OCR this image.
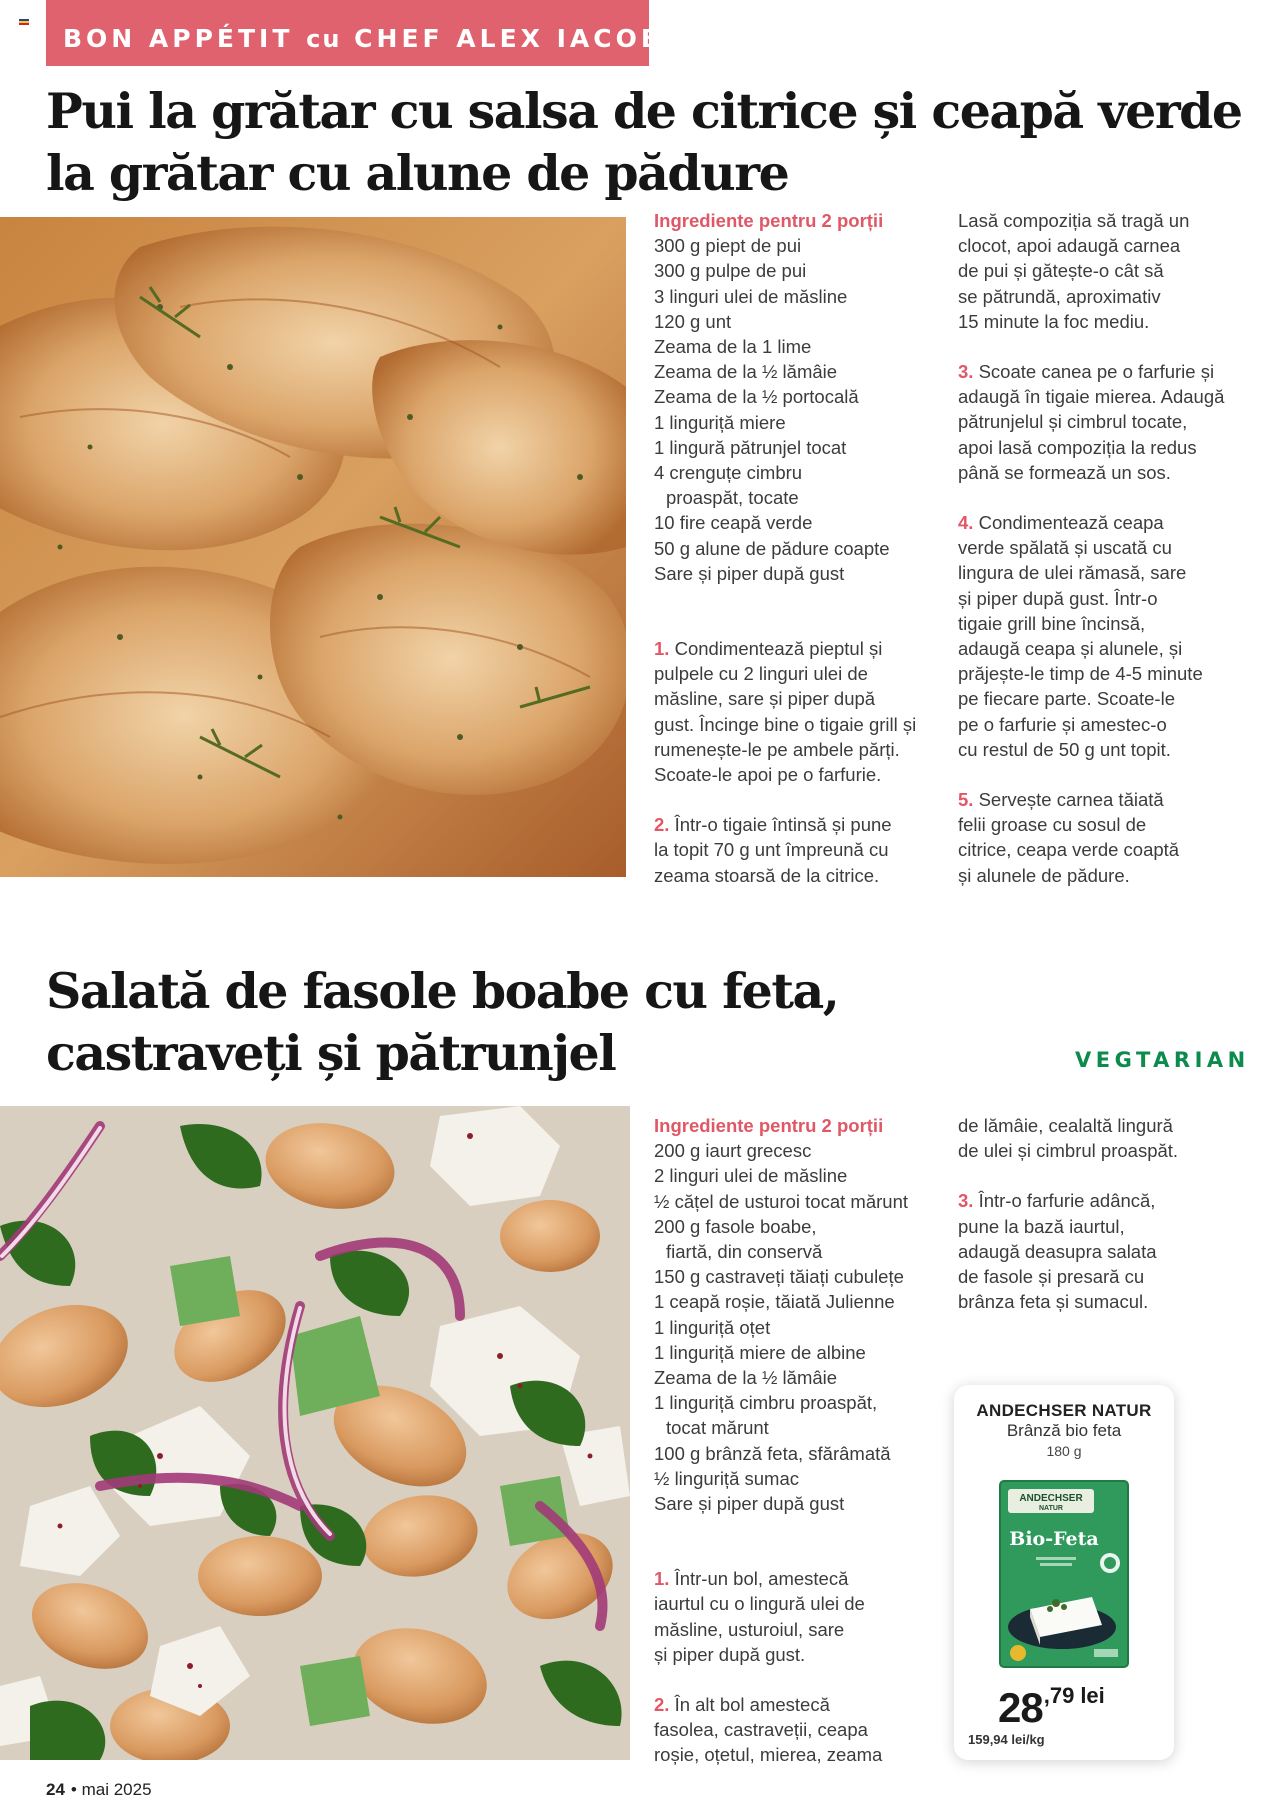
BON APPÉTIT cu CHEF ALEX IACOB
Pui la grătar cu salsa de citrice și ceapă verde
la grătar cu alune de pădure
Ingrediente pentru 2 porții
300 g piept de pui
300 g pulpe de pui
3 linguri ulei de măsline
120 g unt
Zeama de la 1 lime
Zeama de la ½ lămâie
Zeama de la ½ portocală
1 linguriță miere
1 lingură pătrunjel tocat
4 crenguțe cimbru
proaspăt, tocate
10 fire ceapă verde
50 g alune de pădure coapte
Sare și piper după gust
1. Condimentează pieptul și
pulpele cu 2 linguri ulei de
măsline, sare și piper după
gust. Încinge bine o tigaie grill și
rumenește-le pe ambele părți.
Scoate-le apoi pe o farfurie.
2. Într-o tigaie întinsă și pune
la topit 70 g unt împreună cu
zeama stoarsă de la citrice.
Lasă compoziția să tragă un
clocot, apoi adaugă carnea
de pui și gătește-o cât să
se pătrundă, aproximativ
15 minute la foc mediu.
3. Scoate canea pe o farfurie și
adaugă în tigaie mierea. Adaugă
pătrunjelul și cimbrul tocate,
apoi lasă compoziția la redus
până se formează un sos.
4. Condimentează ceapa
verde spălată și uscată cu
lingura de ulei rămasă, sare
și piper după gust. Într-o
tigaie grill bine încinsă,
adaugă ceapa și alunele, și
prăjește-le timp de 4-5 minute
pe fiecare parte. Scoate-le
pe o farfurie și amestec-o
cu restul de 50 g unt topit.
5. Servește carnea tăiată
felii groase cu sosul de
citrice, ceapa verde coaptă
și alunele de pădure.
Salată de fasole boabe cu feta,
castraveți și pătrunjel	VEGTARIAN
Ingrediente pentru 2 porții
200 g iaurt grecesc
2 linguri ulei de măsline
½ cățel de usturoi tocat mărunt
200 g fasole boabe,
fiartă, din conservă
150 g castraveți tăiați cubulețe
1 ceapă roșie, tăiată Julienne
1 linguriță oțet
1 linguriță miere de albine
Zeama de la ½ lămâie
1 linguriță cimbru proaspăt,
tocat mărunt
100 g brânză feta, sfărâmată
½ linguriță sumac
Sare și piper după gust
1. Într-un bol, amestecă
iaurtul cu o lingură ulei de
măsline, usturoiul, sare
și piper după gust.
2. În alt bol amestecă
fasolea, castraveții, ceapa
roșie, oțetul, mierea, zeama
de lămâie, cealaltă lingură
de ulei și cimbrul proaspăt.
3. Într-o farfurie adâncă,
pune la bază iaurtul,
adaugă deasupra salata
de fasole și presară cu
brânza feta și sumacul.
ANDECHSER NATUR
Brânză bio feta
180 g
ANDECHSER
NATUR
Bio-Feta
28,79 lei
159,94 lei/kg
24 • mai 2025
